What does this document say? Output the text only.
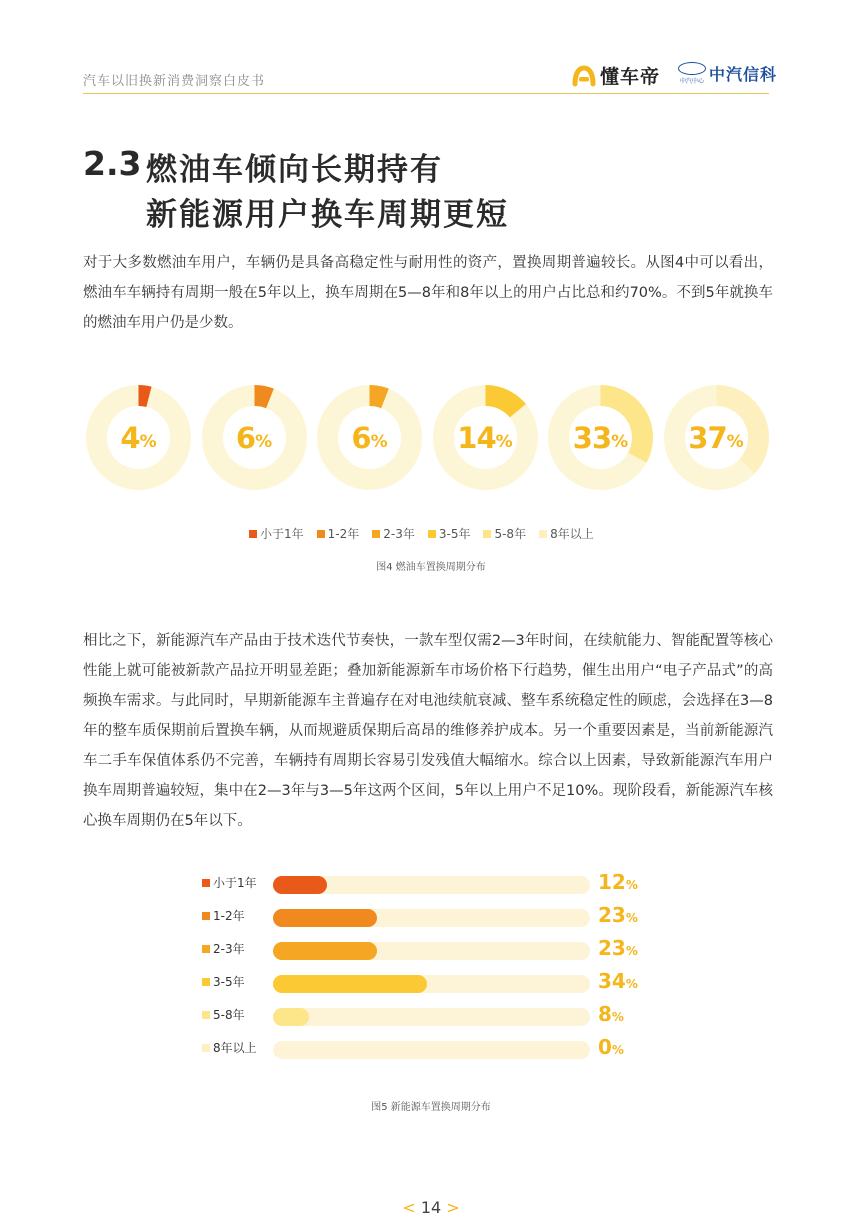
汽车以旧换新消费洞察白皮书	懂车帝	中汽中心 中汽信科
2.3 燃油车倾向长期持有
新能源用户换车周期更短

对于大多数燃油车用户，车辆仍是具备高稳定性与耐用性的资产，置换周期普遍较长。从图4中可以看出，燃油车车辆持有周期一般在5年以上，换车周期在5—8年和8年以上的用户占比总和约70%。不到5年就换车的燃油车用户仍是少数。

4 %	6 %	6 % 14 % 33 % 37 %
小于1年 1-2年 2-3年 3-5年 5-8年 8年以上
图4 燃油车置换周期分布

相比之下，新能源汽车产品由于技术迭代节奏快，一款车型仅需2—3年时间，在续航能力、智能配置等核心性能上就可能被新款产品拉开明显差距；叠加新能源新车市场价格下行趋势，催生出用户“电子产品式”的高频换车需求。与此同时，早期新能源车主普遍存在对电池续航衰减、整车系统稳定性的顾虑，会选择在3—8年的整车质保期前后置换车辆，从而规避质保期后高昂的维修养护成本。另一个重要因素是，当前新能源汽车二手车保值体系仍不完善，车辆持有周期长容易引发残值大幅缩水。综合以上因素，导致新能源汽车用户换车周期普遍较短，集中在2—3年与3—5年这两个区间，5年以上用户不足10%。现阶段看，新能源汽车核心换车周期仍在5年以下。

小于1年	12%
1-2年	23%
2-3年	23%
3-5年	34%
5-8年	8%
8年以上	0%
图5 新能源车置换周期分布
< 14 >
